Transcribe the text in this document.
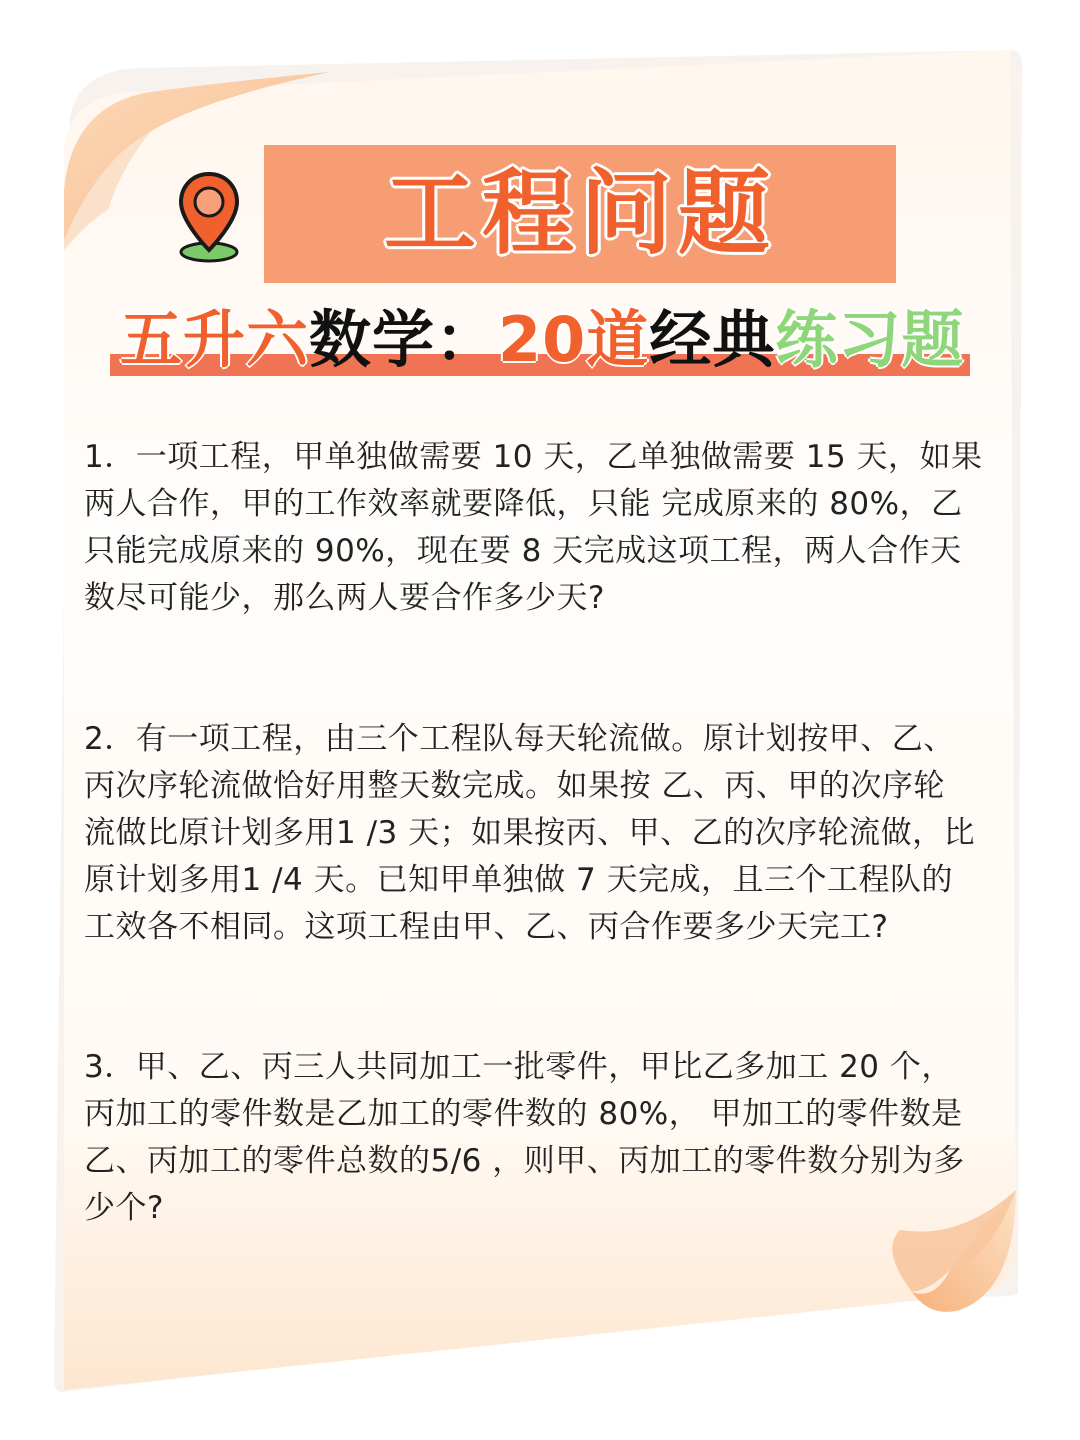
工程问题
五升六数学：20道经典练习题
1．一项工程，甲单独做需要 10 天，乙单独做需要 15 天，如果
两人合作，甲的工作效率就要降低，只能 完成原来的 80%，乙
只能完成原来的 90%，现在要 8 天完成这项工程，两人合作天
数尽可能少，那么两人要合作多少天?
2．有一项工程，由三个工程队每天轮流做。原计划按甲、乙、
丙次序轮流做恰好用整天数完成。如果按 乙、丙、甲的次序轮
流做比原计划多用1 /3 天；如果按丙、甲、乙的次序轮流做，比
原计划多用1 /4 天。已知甲单独做 7 天完成，且三个工程队的
工效各不相同。这项工程由甲、乙、丙合作要多少天完工?
3．甲、乙、丙三人共同加工一批零件，甲比乙多加工 20 个，
丙加工的零件数是乙加工的零件数的 80%， 甲加工的零件数是
乙、丙加工的零件总数的5/6 ，则甲、丙加工的零件数分别为多
少个?
